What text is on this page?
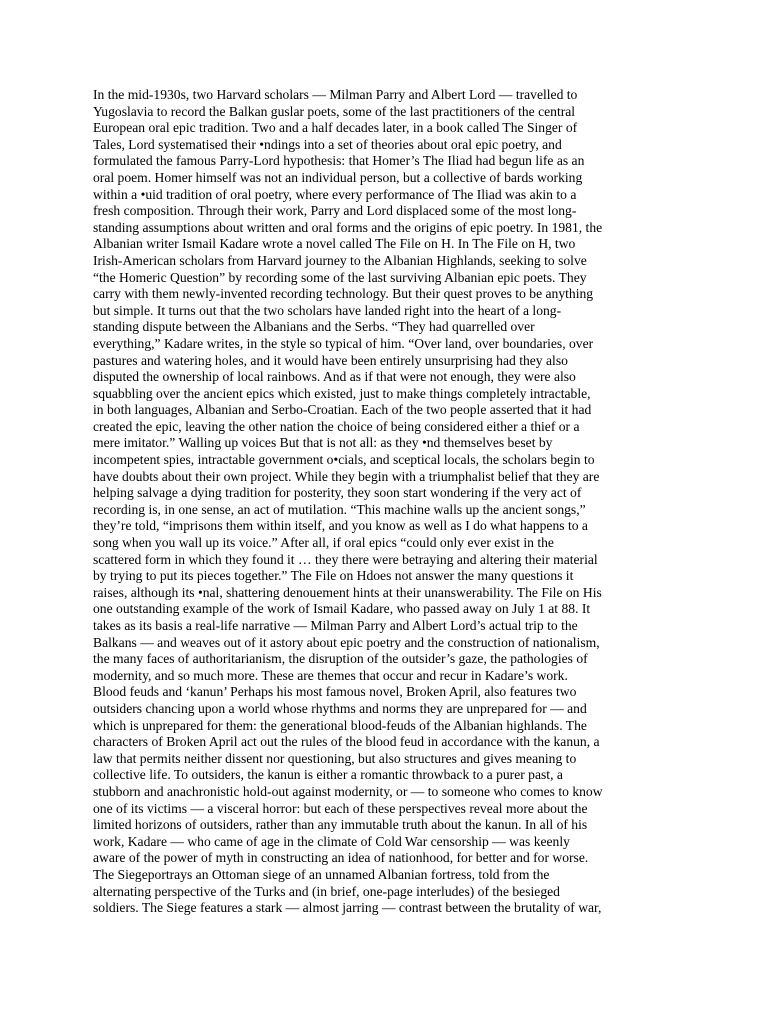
In the mid-1930s, two Harvard scholars — Milman Parry and Albert Lord — travelled to
Yugoslavia to record the Balkan guslar poets, some of the last practitioners of the central
European oral epic tradition. Two and a half decades later, in a book called The Singer of
Tales, Lord systematised their •ndings into a set of theories about oral epic poetry, and
formulated the famous Parry-Lord hypothesis: that Homer’s The Iliad had begun life as an
oral poem. Homer himself was not an individual person, but a collective of bards working
within a •uid tradition of oral poetry, where every performance of The Iliad was akin to a
fresh composition. Through their work, Parry and Lord displaced some of the most long-
standing assumptions about written and oral forms and the origins of epic poetry. In 1981, the
Albanian writer Ismail Kadare wrote a novel called The File on H. In The File on H, two
Irish-American scholars from Harvard journey to the Albanian Highlands, seeking to solve
“the Homeric Question” by recording some of the last surviving Albanian epic poets. They
carry with them newly-invented recording technology. But their quest proves to be anything
but simple. It turns out that the two scholars have landed right into the heart of a long-
standing dispute between the Albanians and the Serbs. “They had quarrelled over
everything,” Kadare writes, in the style so typical of him. “Over land, over boundaries, over
pastures and watering holes, and it would have been entirely unsurprising had they also
disputed the ownership of local rainbows. And as if that were not enough, they were also
squabbling over the ancient epics which existed, just to make things completely intractable,
in both languages, Albanian and Serbo-Croatian. Each of the two people asserted that it had
created the epic, leaving the other nation the choice of being considered either a thief or a
mere imitator.” Walling up voices But that is not all: as they •nd themselves beset by
incompetent spies, intractable government o•cials, and sceptical locals, the scholars begin to
have doubts about their own project. While they begin with a triumphalist belief that they are
helping salvage a dying tradition for posterity, they soon start wondering if the very act of
recording is, in one sense, an act of mutilation. “This machine walls up the ancient songs,”
they’re told, “imprisons them within itself, and you know as well as I do what happens to a
song when you wall up its voice.” After all, if oral epics “could only ever exist in the
scattered form in which they found it … they there were betraying and altering their material
by trying to put its pieces together.” The File on Hdoes not answer the many questions it
raises, although its •nal, shattering denouement hints at their unanswerability. The File on His
one outstanding example of the work of Ismail Kadare, who passed away on July 1 at 88. It
takes as its basis a real-life narrative — Milman Parry and Albert Lord’s actual trip to the
Balkans — and weaves out of it astory about epic poetry and the construction of nationalism,
the many faces of authoritarianism, the disruption of the outsider’s gaze, the pathologies of
modernity, and so much more. These are themes that occur and recur in Kadare’s work.
Blood feuds and ‘kanun’ Perhaps his most famous novel, Broken April, also features two
outsiders chancing upon a world whose rhythms and norms they are unprepared for — and
which is unprepared for them: the generational blood-feuds of the Albanian highlands. The
characters of Broken April act out the rules of the blood feud in accordance with the kanun, a
law that permits neither dissent nor questioning, but also structures and gives meaning to
collective life. To outsiders, the kanun is either a romantic throwback to a purer past, a
stubborn and anachronistic hold-out against modernity, or — to someone who comes to know
one of its victims — a visceral horror: but each of these perspectives reveal more about the
limited horizons of outsiders, rather than any immutable truth about the kanun. In all of his
work, Kadare — who came of age in the climate of Cold War censorship — was keenly
aware of the power of myth in constructing an idea of nationhood, for better and for worse.
The Siegeportrays an Ottoman siege of an unnamed Albanian fortress, told from the
alternating perspective of the Turks and (in brief, one-page interludes) of the besieged
soldiers. The Siege features a stark — almost jarring — contrast between the brutality of war,
